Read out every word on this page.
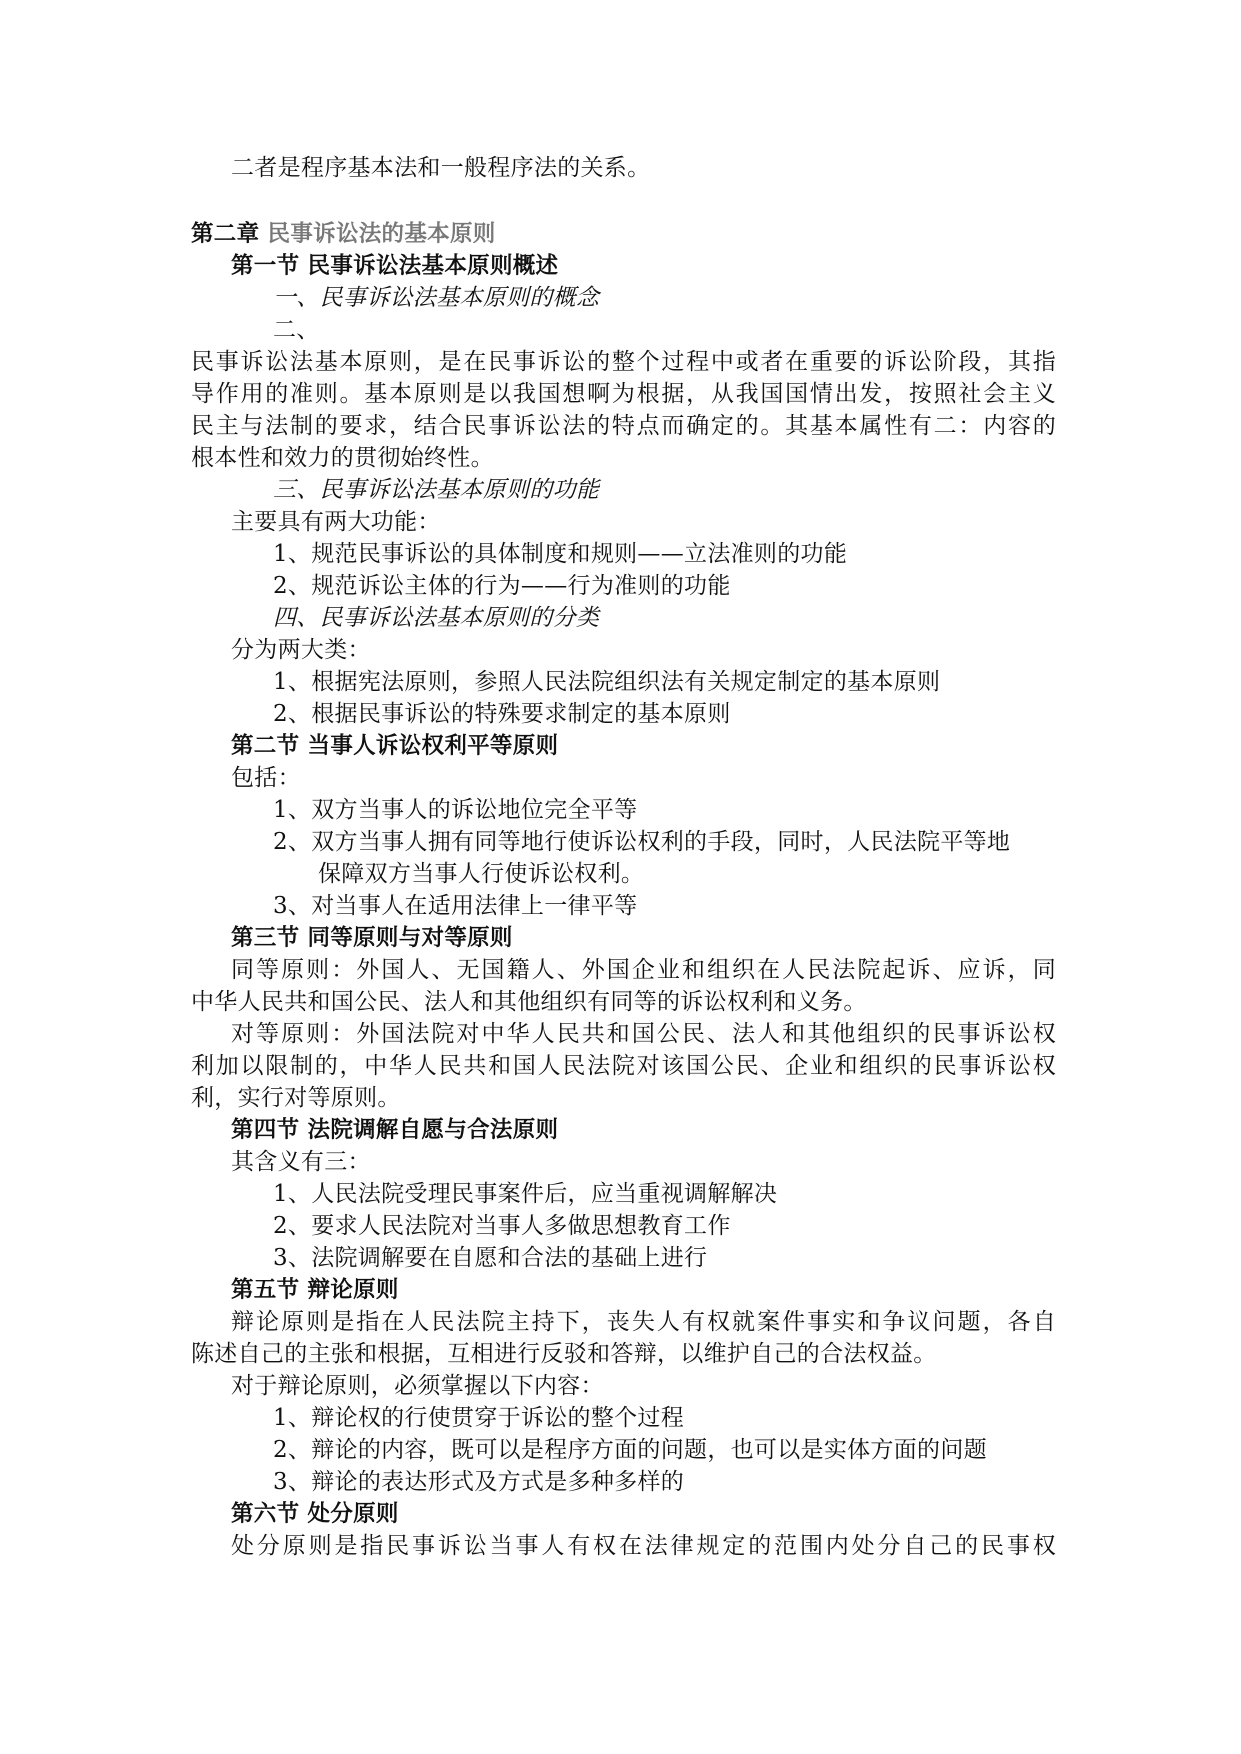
二者是程序基本法和一般程序法的关系。
第二章 民事诉讼法的基本原则
第一节 民事诉讼法基本原则概述
一、民事诉讼法基本原则的概念
二、
民事诉讼法基本原则，是在民事诉讼的整个过程中或者在重要的诉讼阶段，其指
导作用的准则。基本原则是以我国想啊为根据，从我国国情出发，按照社会主义
民主与法制的要求，结合民事诉讼法的特点而确定的。其基本属性有二：内容的
根本性和效力的贯彻始终性。
三、民事诉讼法基本原则的功能
主要具有两大功能：
1、规范民事诉讼的具体制度和规则——立法准则的功能
2、规范诉讼主体的行为——行为准则的功能
四、民事诉讼法基本原则的分类
分为两大类：
1、根据宪法原则，参照人民法院组织法有关规定制定的基本原则
2、根据民事诉讼的特殊要求制定的基本原则
第二节 当事人诉讼权利平等原则
包括：
1、双方当事人的诉讼地位完全平等
2、双方当事人拥有同等地行使诉讼权利的手段，同时，人民法院平等地
保障双方当事人行使诉讼权利。
3、对当事人在适用法律上一律平等
第三节 同等原则与对等原则
同等原则：外国人、无国籍人、外国企业和组织在人民法院起诉、应诉，同
中华人民共和国公民、法人和其他组织有同等的诉讼权利和义务。
对等原则：外国法院对中华人民共和国公民、法人和其他组织的民事诉讼权
利加以限制的，中华人民共和国人民法院对该国公民、企业和组织的民事诉讼权
利，实行对等原则。
第四节 法院调解自愿与合法原则
其含义有三：
1、人民法院受理民事案件后，应当重视调解解决
2、要求人民法院对当事人多做思想教育工作
3、法院调解要在自愿和合法的基础上进行
第五节 辩论原则
辩论原则是指在人民法院主持下，丧失人有权就案件事实和争议问题，各自
陈述自己的主张和根据，互相进行反驳和答辩，以维护自己的合法权益。
对于辩论原则，必须掌握以下内容：
1、辩论权的行使贯穿于诉讼的整个过程
2、辩论的内容，既可以是程序方面的问题，也可以是实体方面的问题
3、辩论的表达形式及方式是多种多样的
第六节 处分原则
处分原则是指民事诉讼当事人有权在法律规定的范围内处分自己的民事权
